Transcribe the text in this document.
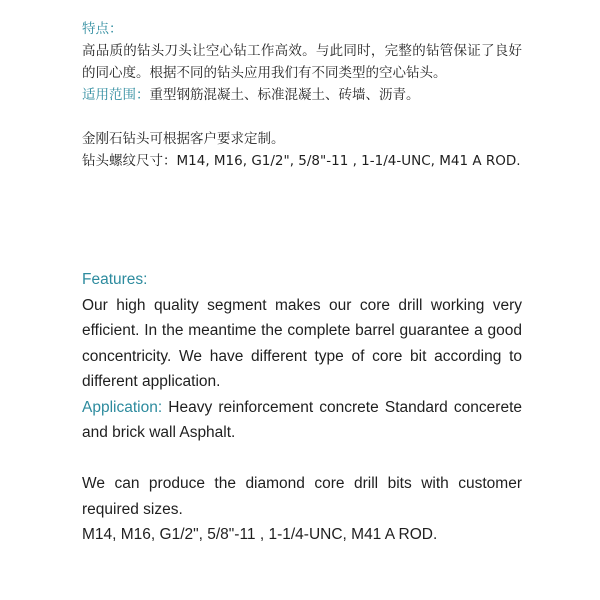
特点：

高品质的钻头刀头让空心钻工作高效。与此同时，完整的钻管保证了良好的同心度。根据不同的钻头应用我们有不同类型的空心钻头。

适用范围：重型钢筋混凝土、标准混凝土、砖墙、沥青。

金刚石钻头可根据客户要求定制。

钻头螺纹尺寸：M14, M16, G1/2", 5/8"-11 , 1-1/4-UNC, M41 A ROD.

Features:

Our high quality segment makes our core drill working very efficient. In the meantime the complete barrel guarantee a good concentricity. We have different type of core bit according to different application.

Application: Heavy reinforcement concrete Standard concerete and brick wall Asphalt.

We can produce the diamond core drill bits with customer required sizes.

M14, M16, G1/2", 5/8"-11 , 1-1/4-UNC, M41 A ROD.
